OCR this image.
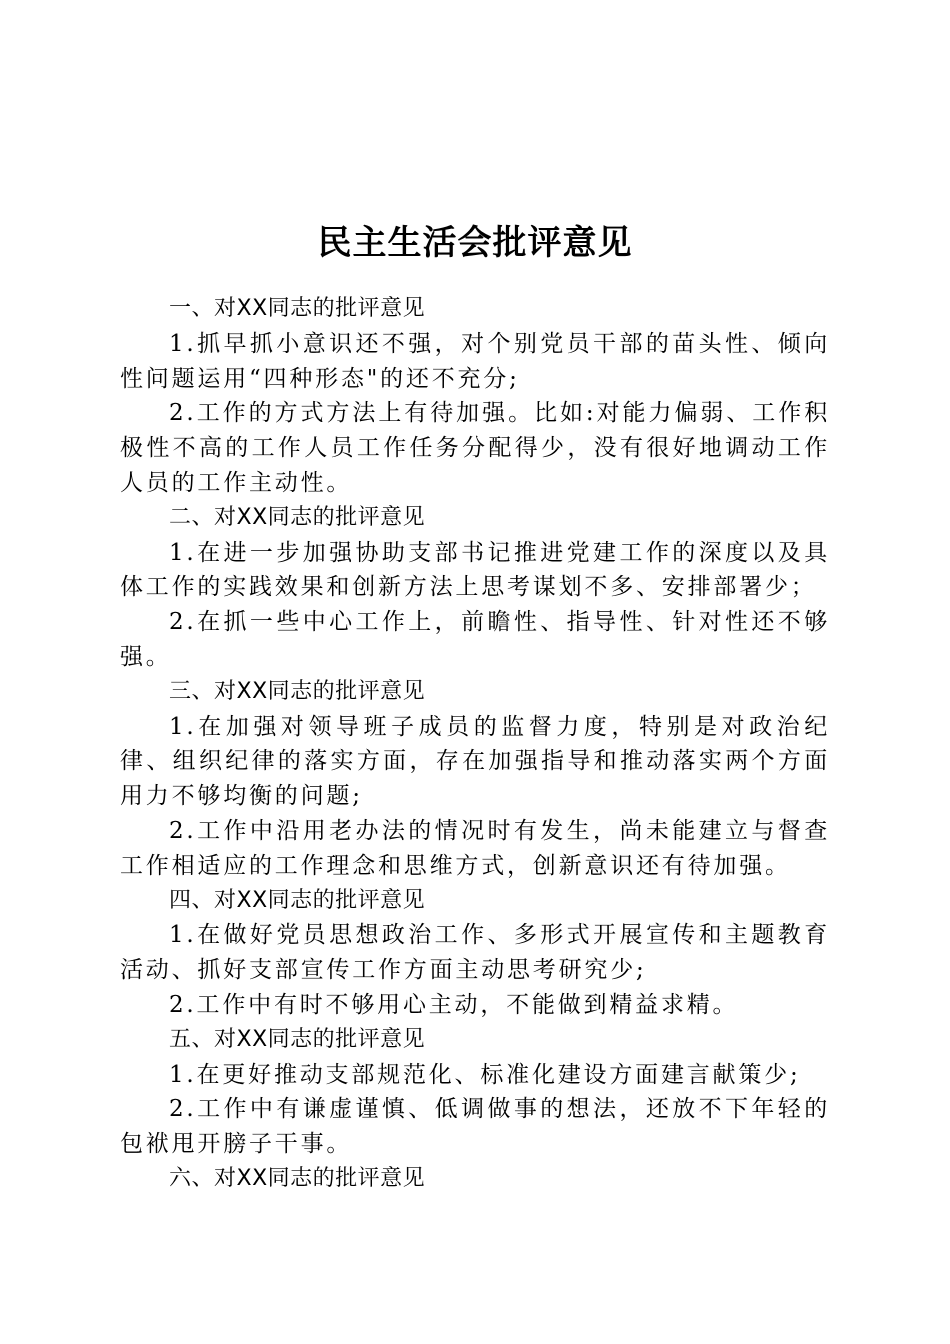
民主生活会批评意见

一、对XX同志的批评意见

1.抓早抓小意识还不强，对个别党员干部的苗头性、倾向性问题运用“四种形态"的还不充分;

2.工作的方式方法上有待加强。比如:对能力偏弱、工作积极性不高的工作人员工作任务分配得少，没有很好地调动工作人员的工作主动性。

二、对XX同志的批评意见

1.在进一步加强协助支部书记推进党建工作的深度以及具体工作的实践效果和创新方法上思考谋划不多、安排部署少；

2.在抓一些中心工作上，前瞻性、指导性、针对性还不够强。

三、对XX同志的批评意见

1.在加强对领导班子成员的监督力度，特别是对政治纪律、组织纪律的落实方面，存在加强指导和推动落实两个方面用力不够均衡的问题;

2.工作中沿用老办法的情况时有发生，尚未能建立与督查工作相适应的工作理念和思维方式，创新意识还有待加强。

四、对XX同志的批评意见

1.在做好党员思想政治工作、多形式开展宣传和主题教育活动、抓好支部宣传工作方面主动思考研究少;

2.工作中有时不够用心主动，不能做到精益求精。

五、对XX同志的批评意见

1.在更好推动支部规范化、标准化建设方面建言献策少;

2.工作中有谦虚谨慎、低调做事的想法，还放不下年轻的包袱甩开膀子干事。

六、对XX同志的批评意见
